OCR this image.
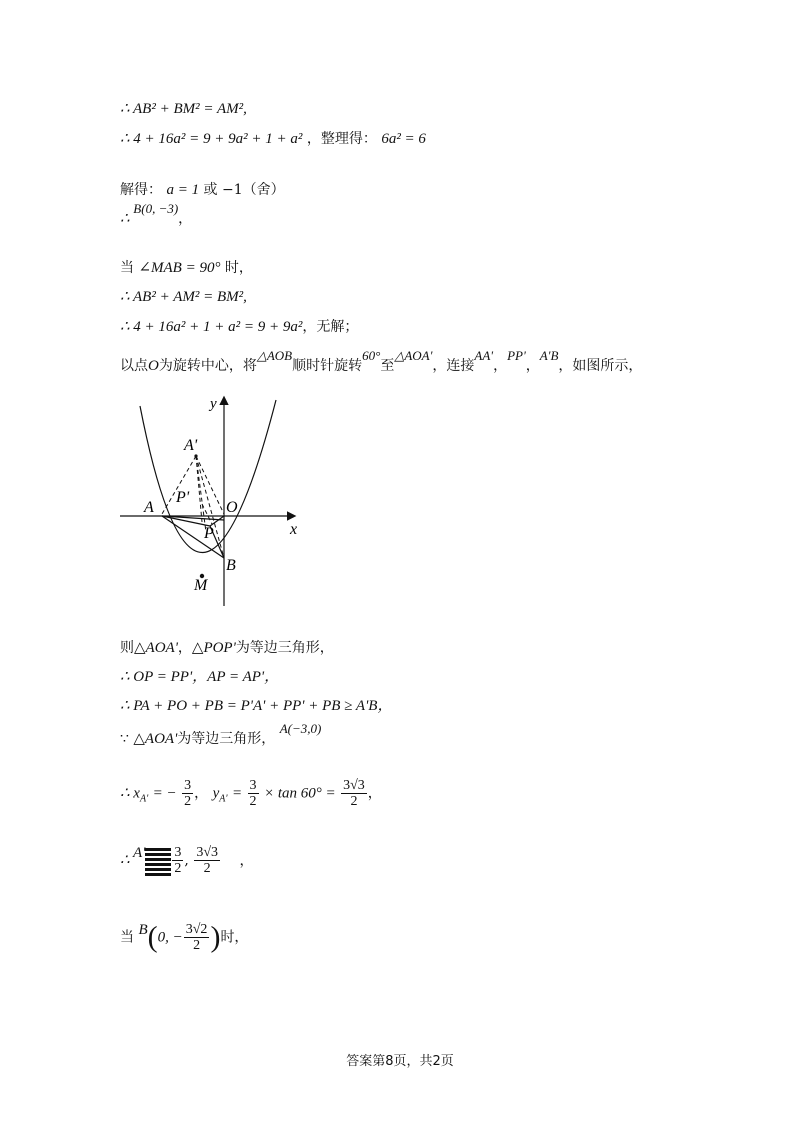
∴ AB² + BM² = AM²,
∴ 4 + 16a² = 9 + 9a² + 1 + a² ，整理得： 6a² = 6
解得： a = 1 或 −1（舍）
∴ B(0, −3)，
当 ∠MAB = 90° 时，
∴ AB² + AM² = BM²,
∴ 4 + 16a² + 1 + a² = 9 + 9a²，无解；
以点O为旋转中心，将△AOB顺时针旋转60°至△AOA'，连接AA'，PP'，A'B，如图所示，
y
x
A'
P'
A	O
P
B
M
则△AOA'，△POP'为等边三角形，
∴ OP = PP'，AP = AP'，
∴ PA + PO + PB = P'A' + PP' + PB ≥ A'B，
∵ △AOA'为等边三角形， A(−3,0)
∴ $x_{A'}$ = − $\frac{3}{2}$ ， $y_{A'} = \frac{3}{2} \times \tan 60^\circ = \frac{3√3}{2}$ ，
∴ $A' \frac{3}{2}$ , $\frac{3√3}{2}$ ，
当 B(0, − $\frac{3√2}{2}$ )时，
答案第8页，共2页
